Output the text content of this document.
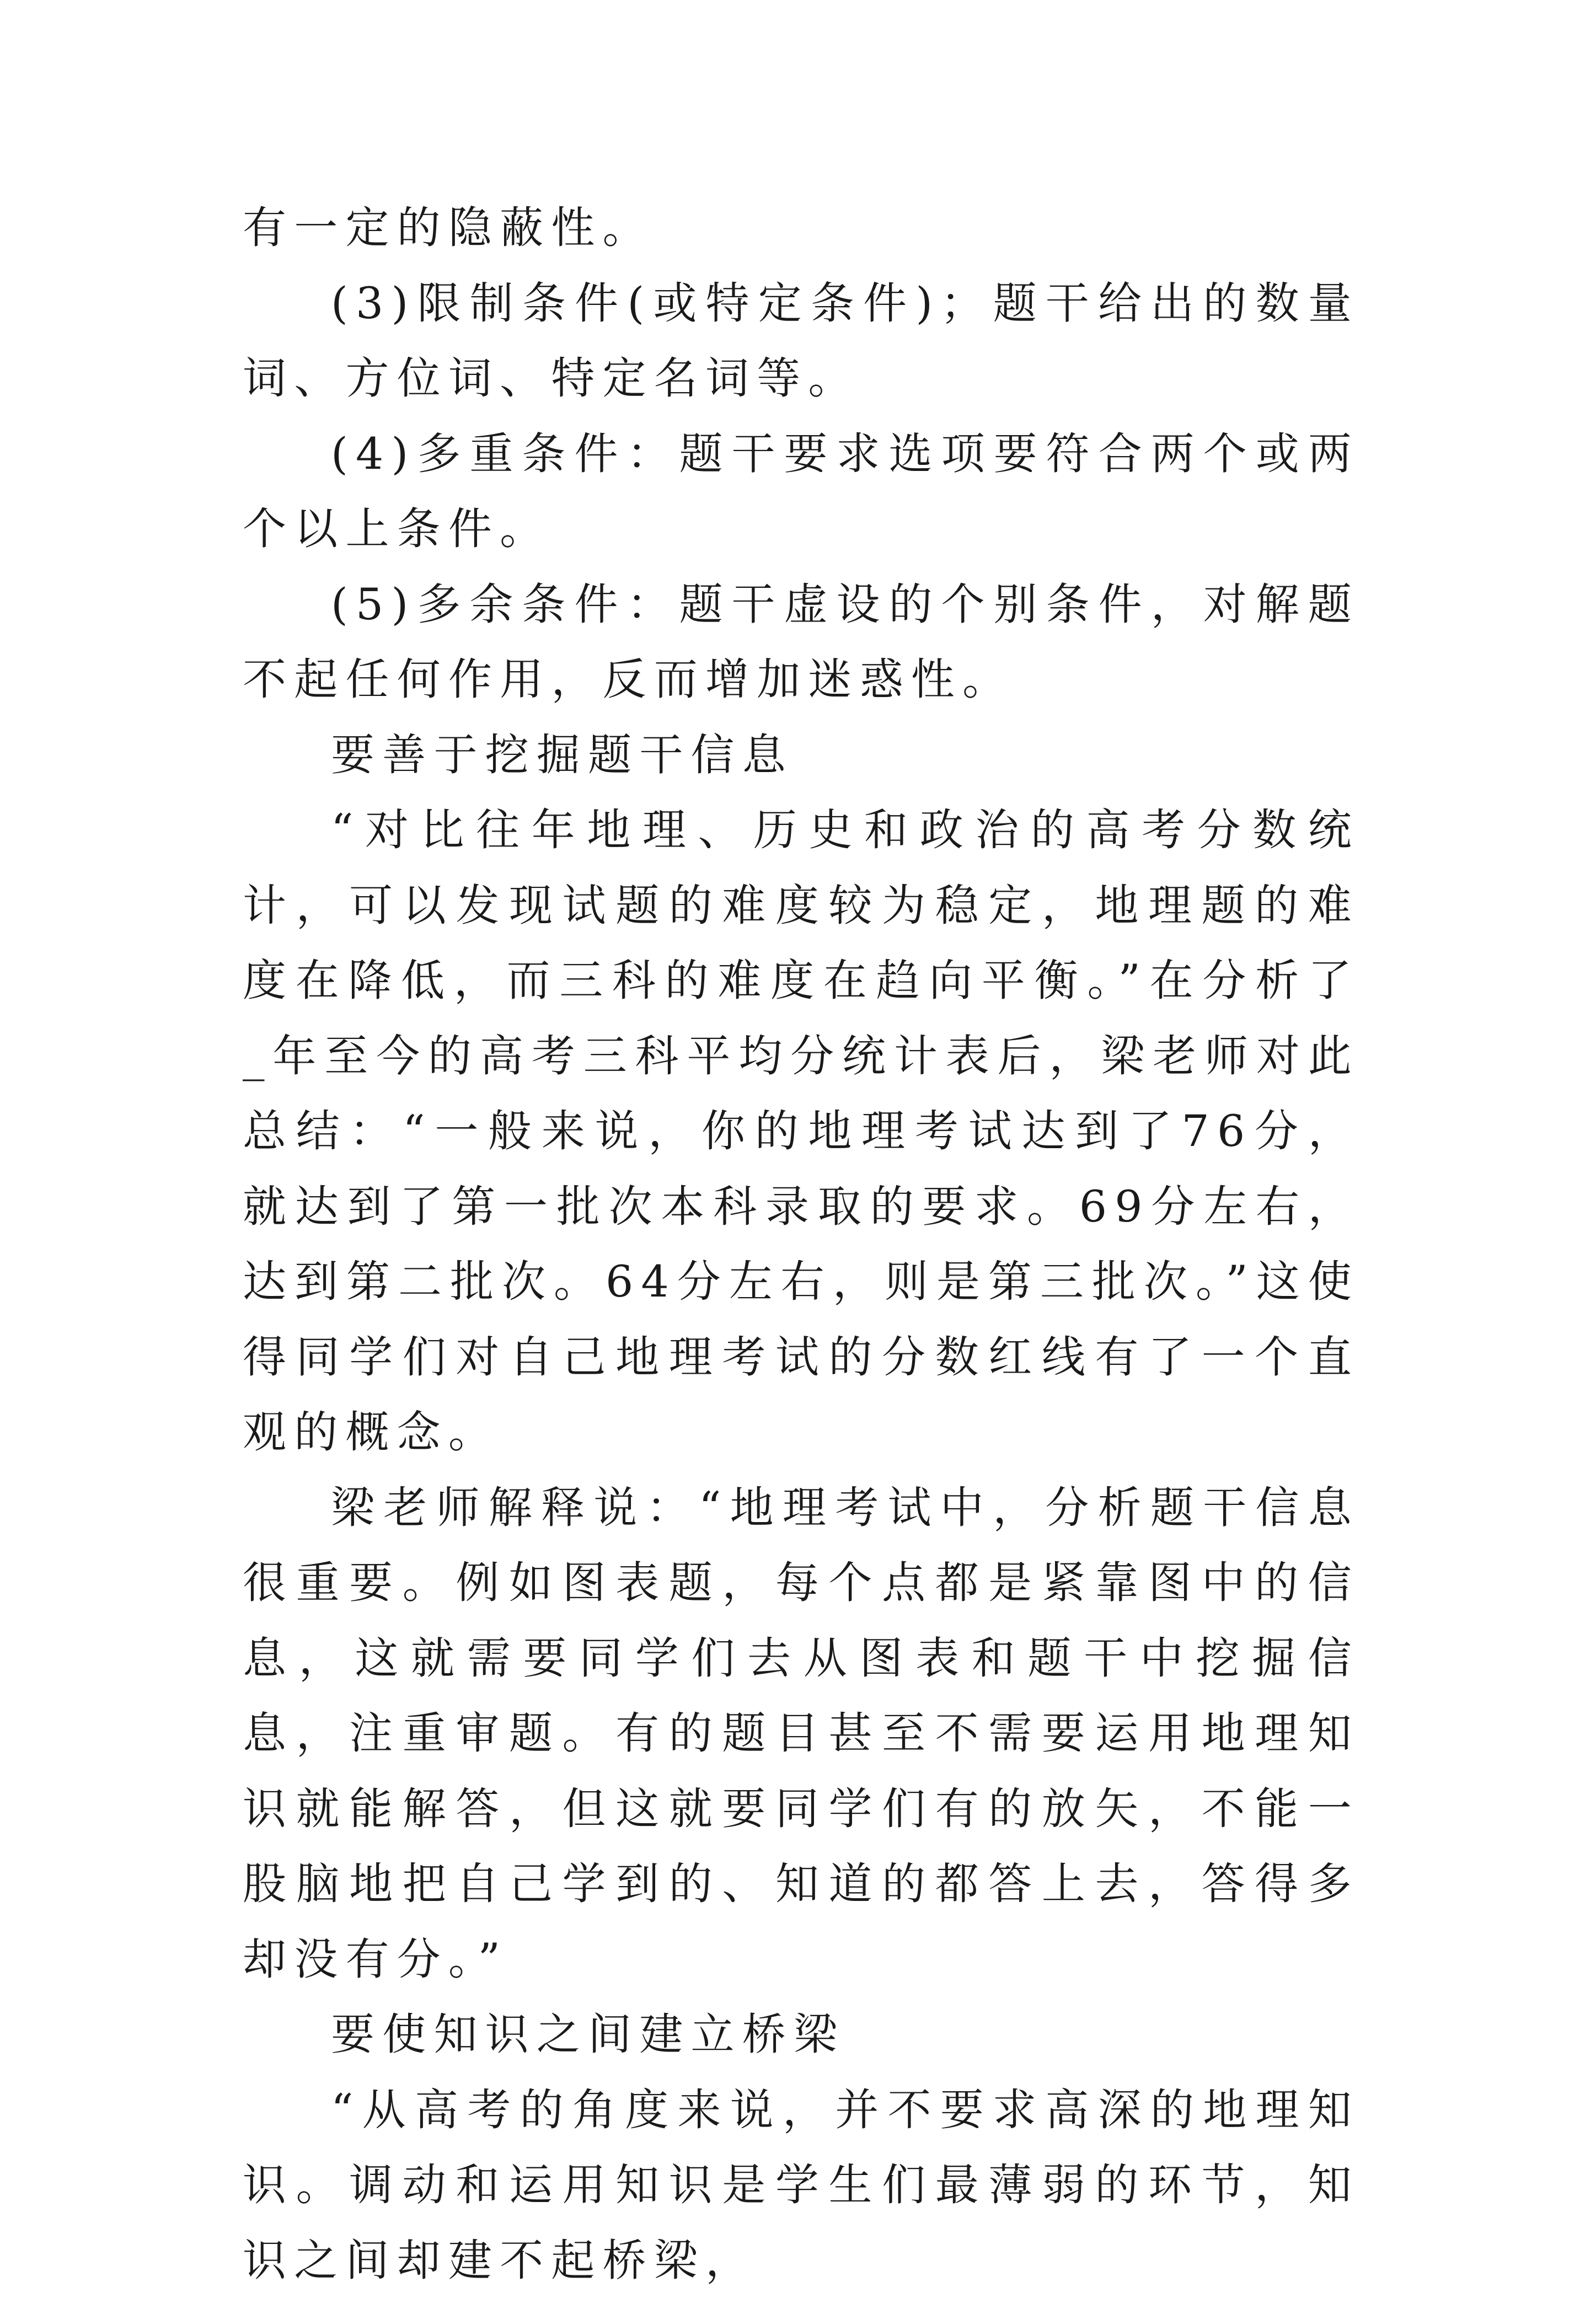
有一定的隐蔽性。

(3)限制条件(或特定条件)；题干给出的数量词、方位词、特定名词等。

(4)多重条件：题干要求选项要符合两个或两个以上条件。

(5)多余条件：题干虚设的个别条件，对解题不起任何作用，反而增加迷惑性。

要善于挖掘题干信息

“对比往年地理、历史和政治的高考分数统计，可以发现试题的难度较为稳定，地理题的难度在降低，而三科的难度在趋向平衡。”在分析了_年至今的高考三科平均分统计表后，梁老师对此总结：“一般来说，你的地理考试达到了76分，就达到了第一批次本科录取的要求。69分左右，达到第二批次。64分左右，则是第三批次。”这使得同学们对自己地理考试的分数红线有了一个直观的概念。

梁老师解释说：“地理考试中，分析题干信息很重要。例如图表题，每个点都是紧靠图中的信息，这就需要同学们去从图表和题干中挖掘信息，注重审题。有的题目甚至不需要运用地理知识就能解答，但这就要同学们有的放矢，不能一股脑地把自己学到的、知道的都答上去，答得多却没有分。”

要使知识之间建立桥梁

“从高考的角度来说，并不要求高深的地理知识。调动和运用知识是学生们最薄弱的环节，知识之间却建不起桥梁，
